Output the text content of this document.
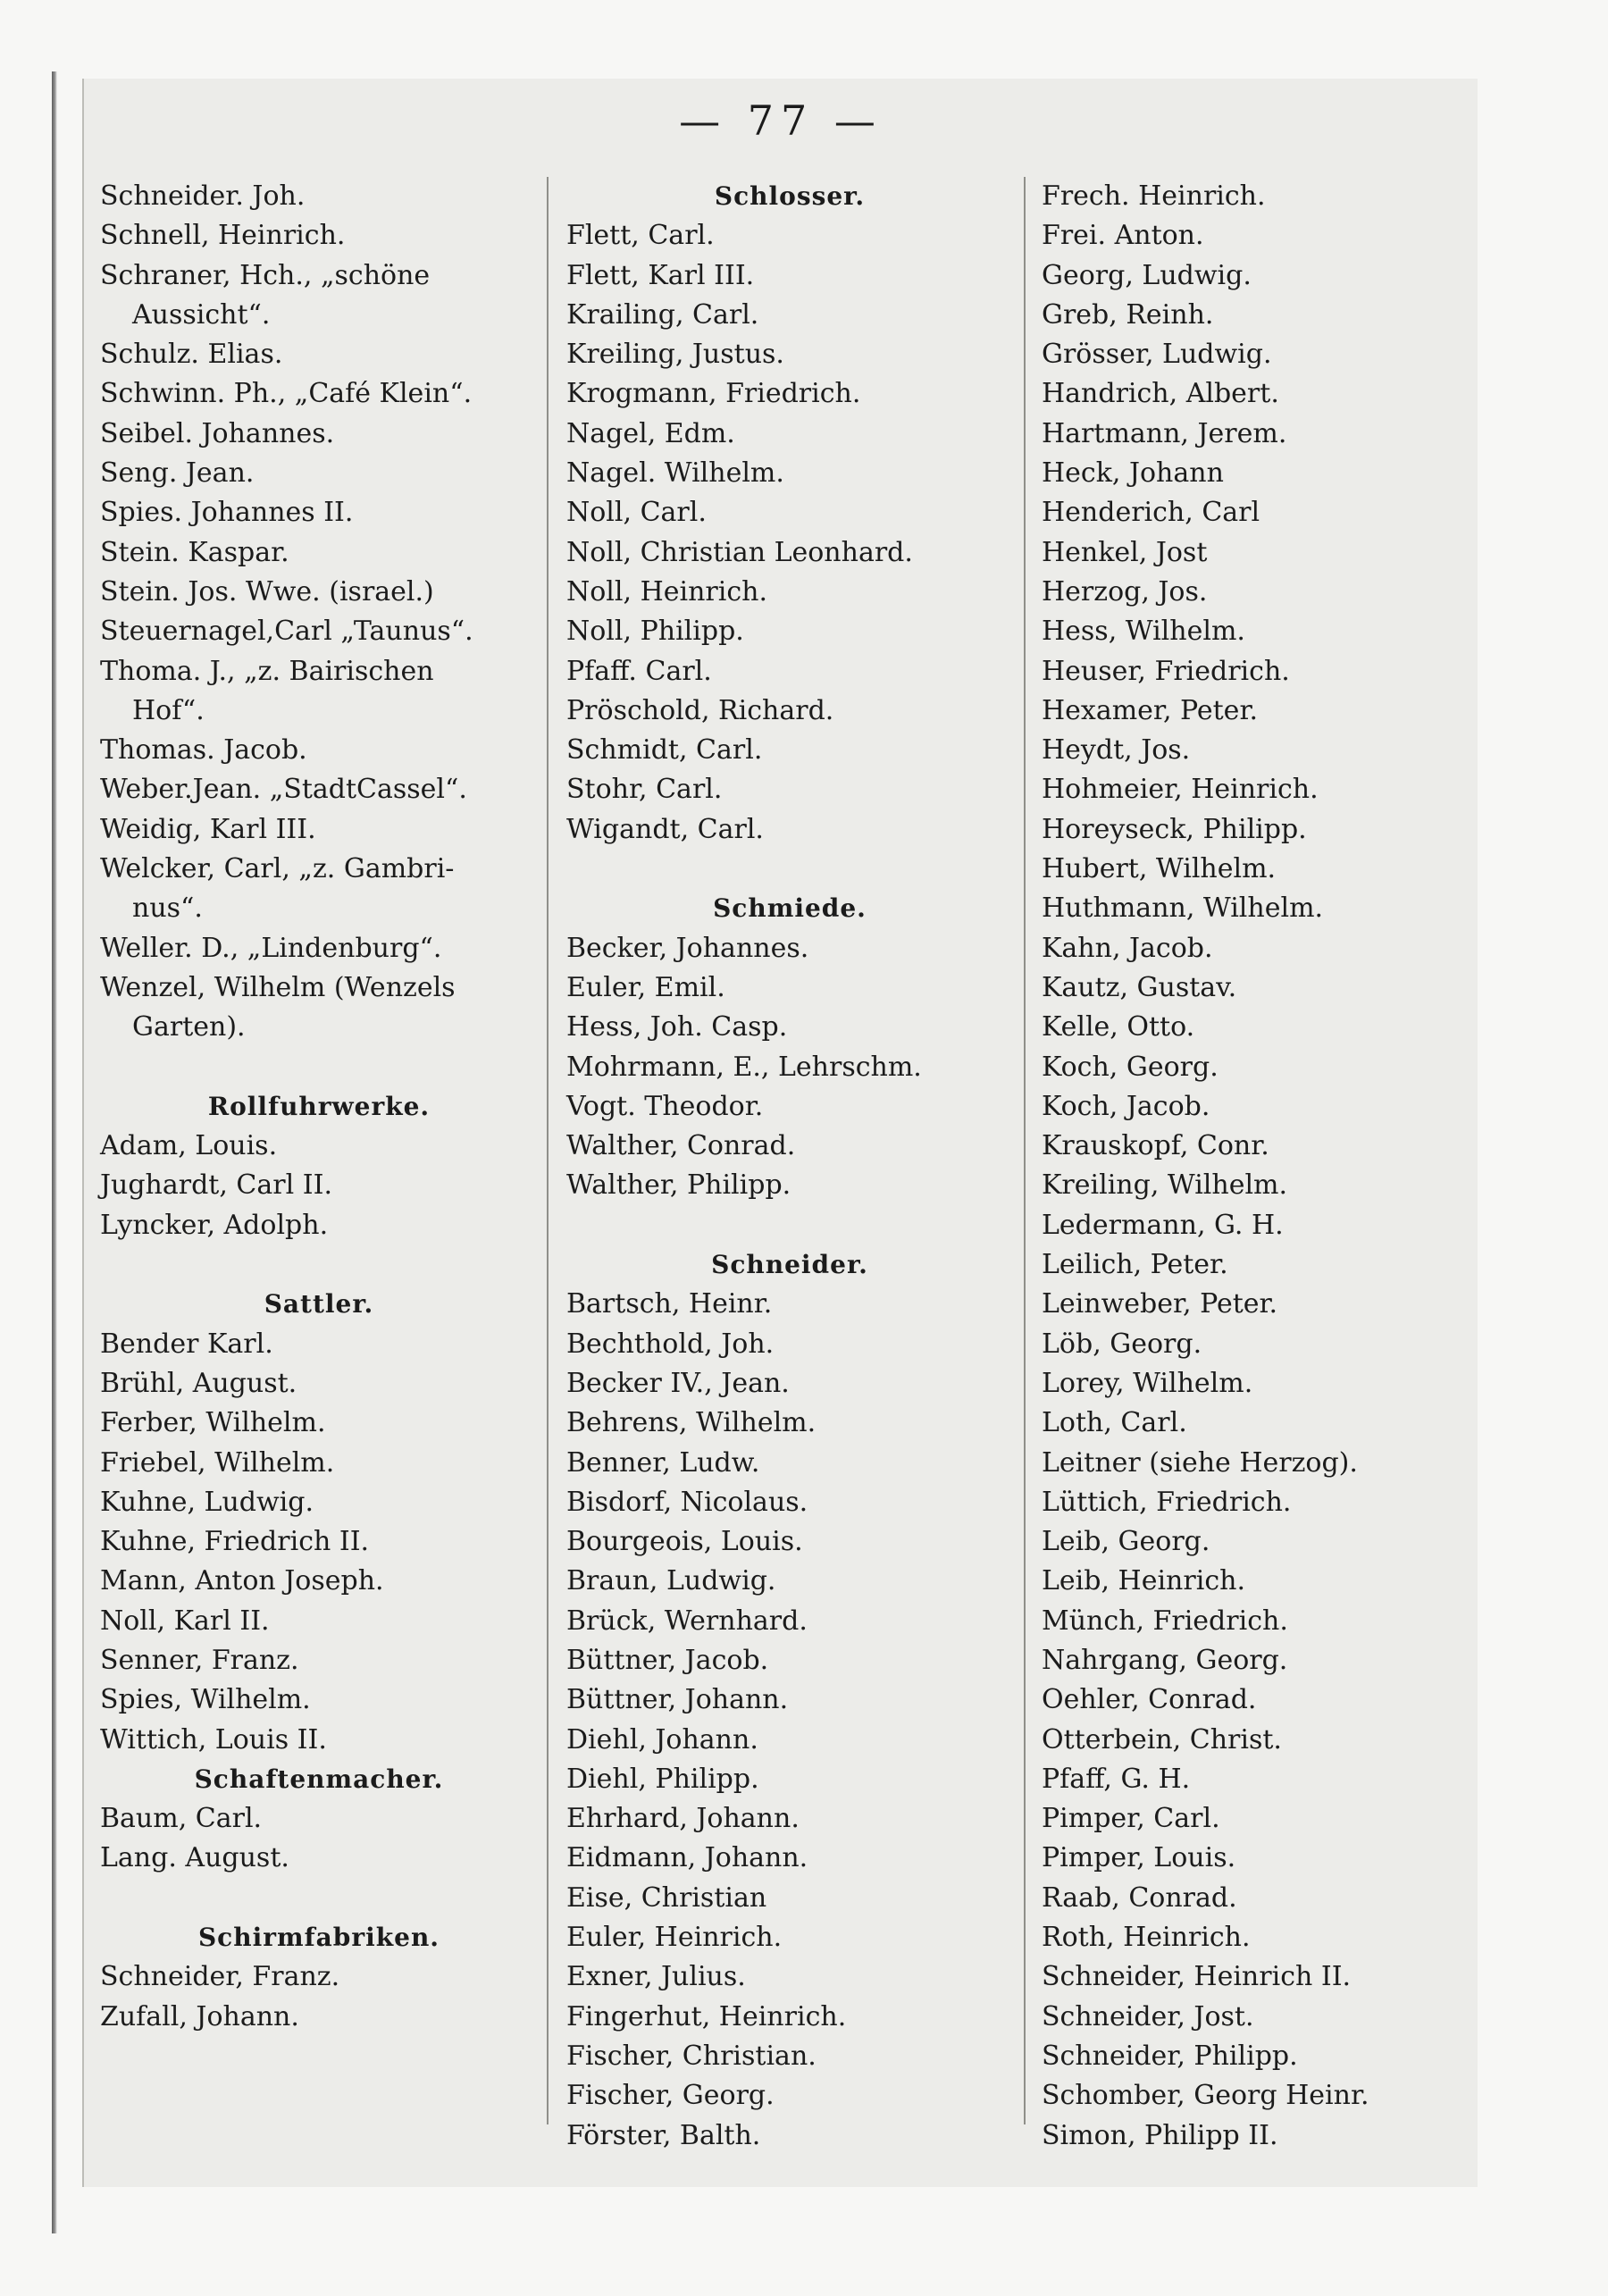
— 77 —
Schneider. Joh.
Schnell, Heinrich.
Schraner, Hch., „schöne
Aussicht“.
Schulz. Elias.
Schwinn. Ph., „Café Klein“.
Seibel. Johannes.
Seng. Jean.
Spies. Johannes II.
Stein. Kaspar.
Stein. Jos. Wwe. (israel.)
Steuernagel,Carl „Taunus“.
Thoma. J., „z. Bairischen
Hof“.
Thomas. Jacob.
Weber.Jean. „StadtCassel“.
Weidig, Karl III.
Welcker, Carl, „z. Gambri-
nus“.
Weller. D., „Lindenburg“.
Wenzel, Wilhelm (Wenzels
Garten).
Rollfuhrwerke.
Adam, Louis.
Jughardt, Carl II.
Lyncker, Adolph.
Sattler.
Bender Karl.
Brühl, August.
Ferber, Wilhelm.
Friebel, Wilhelm.
Kuhne, Ludwig.
Kuhne, Friedrich II.
Mann, Anton Joseph.
Noll, Karl II.
Senner, Franz.
Spies, Wilhelm.
Wittich, Louis II.
Schaftenmacher.
Baum, Carl.
Lang. August.
Schirmfabriken.
Schneider, Franz.
Zufall, Johann.
Schlosser.
Flett, Carl.
Flett, Karl III.
Krailing, Carl.
Kreiling, Justus.
Krogmann, Friedrich.
Nagel, Edm.
Nagel. Wilhelm.
Noll, Carl.
Noll, Christian Leonhard.
Noll, Heinrich.
Noll, Philipp.
Pfaff. Carl.
Pröschold, Richard.
Schmidt, Carl.
Stohr, Carl.
Wigandt, Carl.
Schmiede.
Becker, Johannes.
Euler, Emil.
Hess, Joh. Casp.
Mohrmann, E., Lehrschm.
Vogt. Theodor.
Walther, Conrad.
Walther, Philipp.
Schneider.
Bartsch, Heinr.
Bechthold, Joh.
Becker IV., Jean.
Behrens, Wilhelm.
Benner, Ludw.
Bisdorf, Nicolaus.
Bourgeois, Louis.
Braun, Ludwig.
Brück, Wernhard.
Büttner, Jacob.
Büttner, Johann.
Diehl, Johann.
Diehl, Philipp.
Ehrhard, Johann.
Eidmann, Johann.
Eise, Christian
Euler, Heinrich.
Exner, Julius.
Fingerhut, Heinrich.
Fischer, Christian.
Fischer, Georg.
Förster, Balth.
Frech. Heinrich.
Frei. Anton.
Georg, Ludwig.
Greb, Reinh.
Grösser, Ludwig.
Handrich, Albert.
Hartmann, Jerem.
Heck, Johann
Henderich, Carl
Henkel, Jost
Herzog, Jos.
Hess, Wilhelm.
Heuser, Friedrich.
Hexamer, Peter.
Heydt, Jos.
Hohmeier, Heinrich.
Horeyseck, Philipp.
Hubert, Wilhelm.
Huthmann, Wilhelm.
Kahn, Jacob.
Kautz, Gustav.
Kelle, Otto.
Koch, Georg.
Koch, Jacob.
Krauskopf, Conr.
Kreiling, Wilhelm.
Ledermann, G. H.
Leilich, Peter.
Leinweber, Peter.
Löb, Georg.
Lorey, Wilhelm.
Loth, Carl.
Leitner (siehe Herzog).
Lüttich, Friedrich.
Leib, Georg.
Leib, Heinrich.
Münch, Friedrich.
Nahrgang, Georg.
Oehler, Conrad.
Otterbein, Christ.
Pfaff, G. H.
Pimper, Carl.
Pimper, Louis.
Raab, Conrad.
Roth, Heinrich.
Schneider, Heinrich II.
Schneider, Jost.
Schneider, Philipp.
Schomber, Georg Heinr.
Simon, Philipp II.
